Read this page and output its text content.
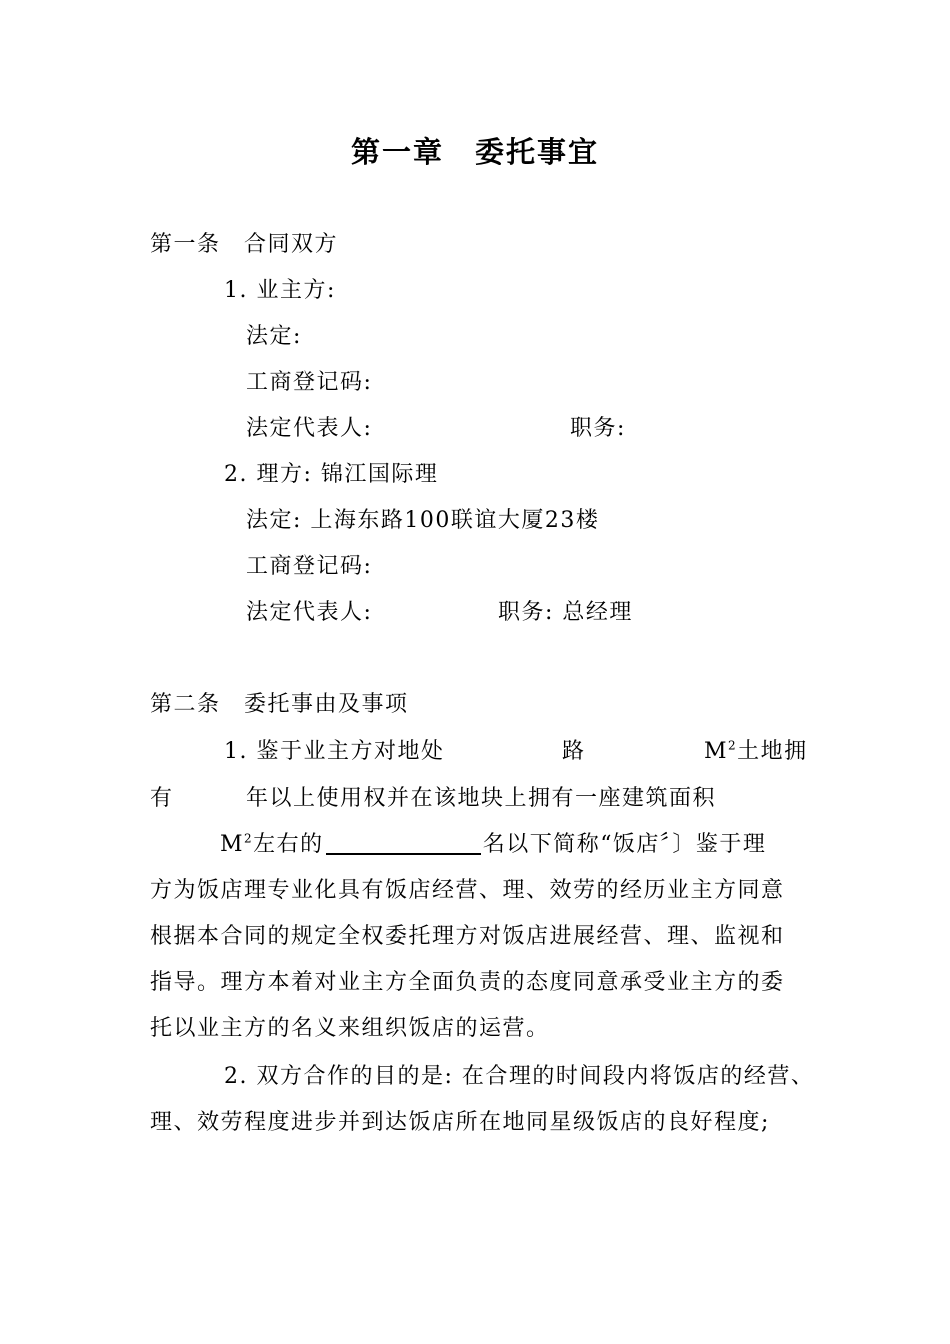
第一章　委托事宜
第一条　合同双方
1. 业主方:
法定:
工商登记码:
法定代表人:	职务:
2. 理方: 锦江国际理
法定: 上海东路100联谊大厦23楼
工商登记码:
法定代表人:	职务: 总经理
第二条　委托事由及事项
1. 鉴于业主方对地处	路	$M^2$土地拥
有	年以上使用权并在该地块上拥有一座建筑面积
$M^2$左右的	名以下简称“饭店〞〕鉴于理
方为饭店理专业化具有饭店经营、理、效劳的经历业主方同意
根据本合同的规定全权委托理方对饭店进展经营、理、监视和
指导。理方本着对业主方全面负责的态度同意承受业主方的委
托以业主方的名义来组织饭店的运营。
2. 双方合作的目的是: 在合理的时间段内将饭店的经营、
理、效劳程度进步并到达饭店所在地同星级饭店的良好程度;
